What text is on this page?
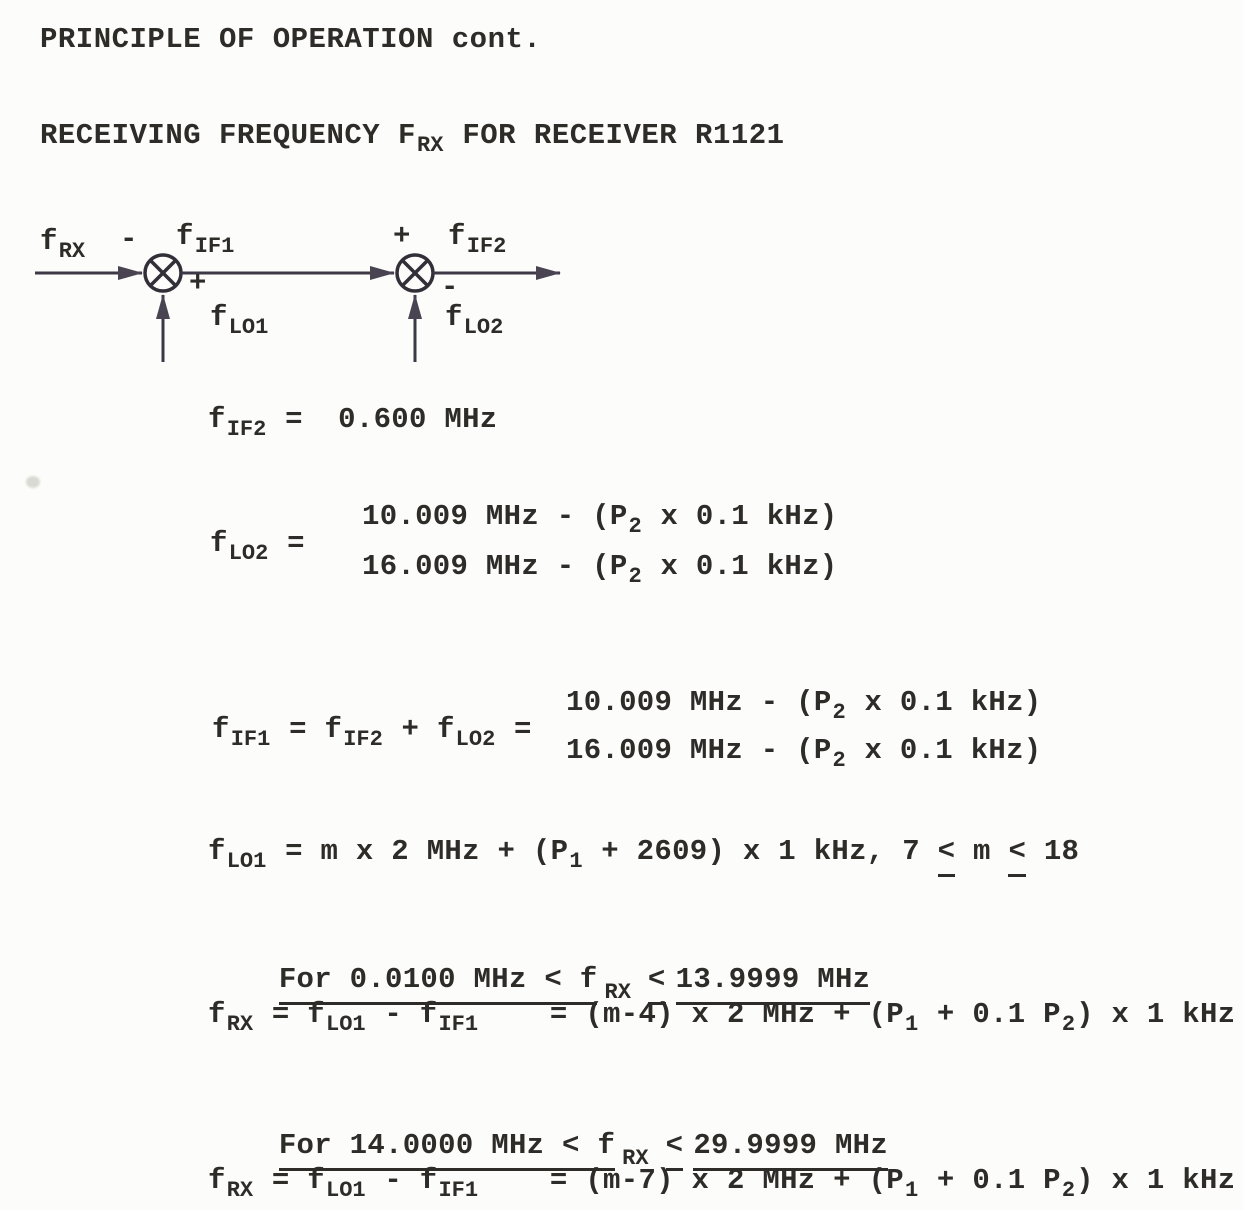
PRINCIPLE OF OPERATION cont.
RECEIVING FREQUENCY FRX FOR RECEIVER R1121
fRX - fIF1
+
fLO1
+ fIF2
-
fLO2
fIF2 =  0.600 MHz
fLO2 =
10.009 MHz - (P2 x 0.1 kHz)
16.009 MHz - (P2 x 0.1 kHz)
fIF1 = fIF2 + fLO2 =
10.009 MHz - (P2 x 0.1 kHz)
16.009 MHz - (P2 x 0.1 kHz)
fLO1 = m x 2 MHz + (P1 + 2609) x 1 kHz, 7 < m < 18

For 0.0100 MHz < f RX < 13.9999 MHz

fRX = fLO1 - fIF1    = (m-4) x 2 MHz + (P1 + 0.1 P2) x 1 kHz

For 14.0000 MHz < f RX < 29.9999 MHz

fRX = fLO1 - fIF1    = (m-7) x 2 MHz + (P1 + 0.1 P2) x 1 kHz
